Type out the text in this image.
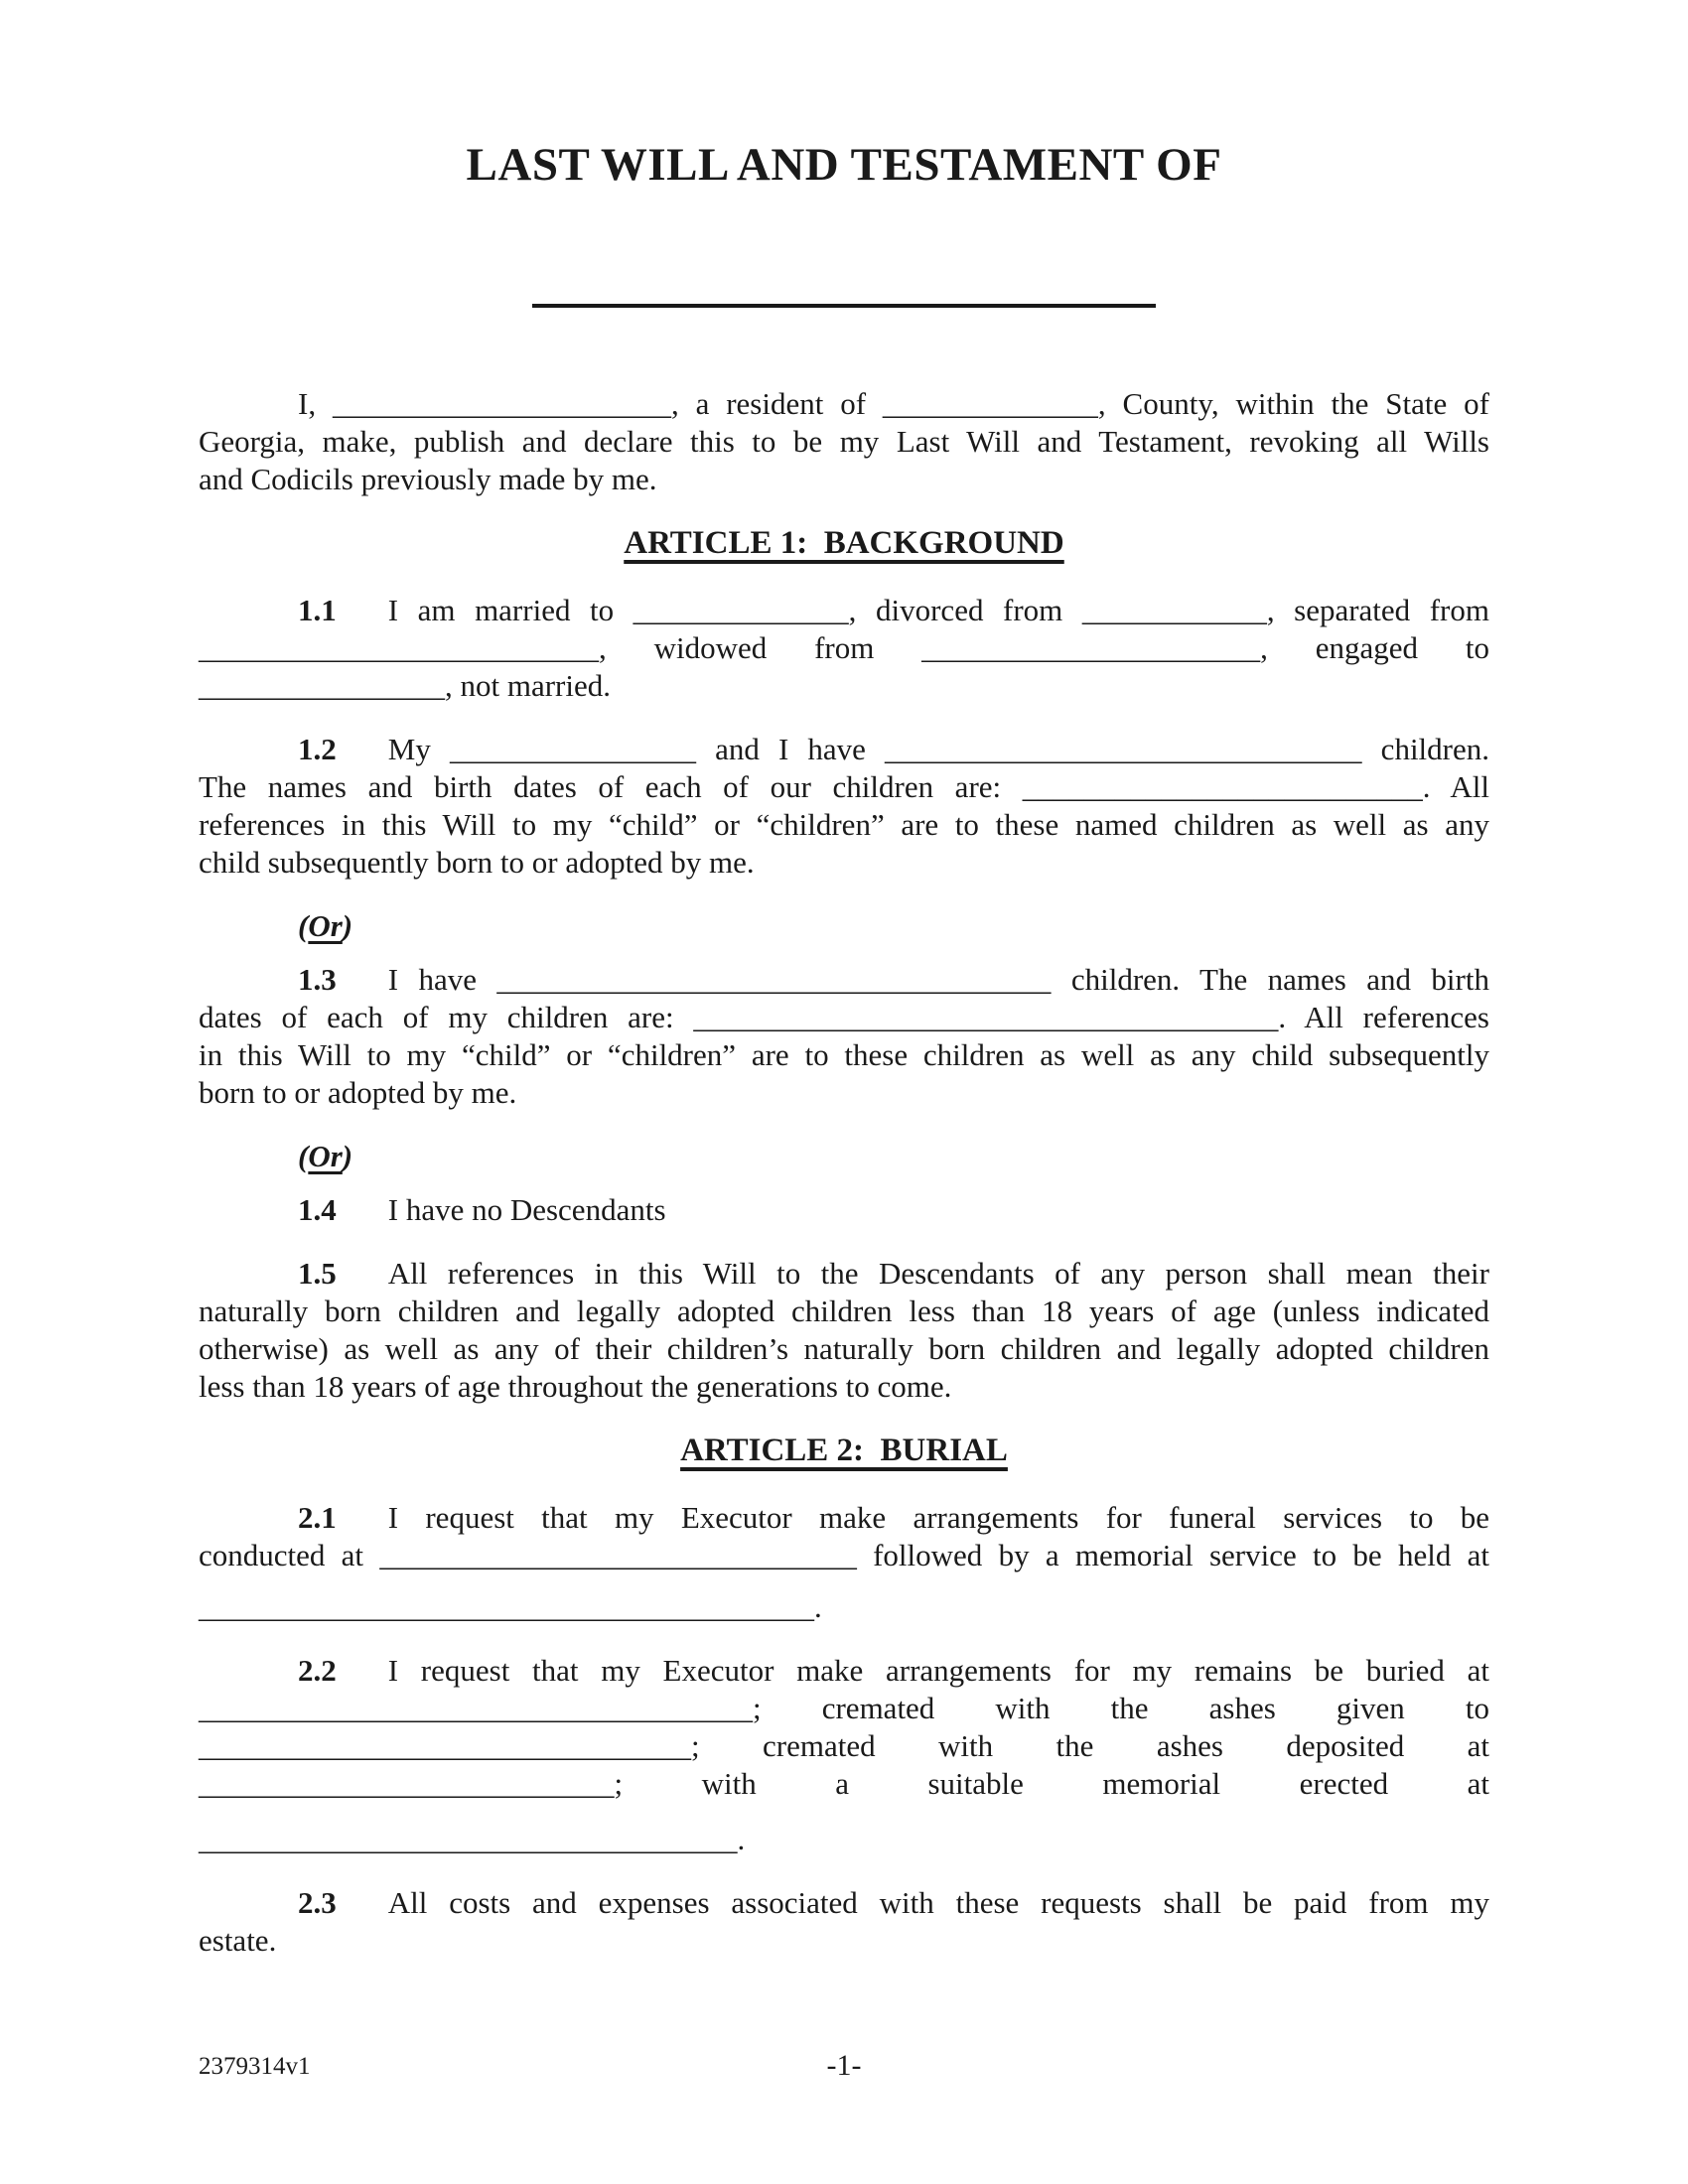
LAST WILL AND TESTAMENT OF
I, ______________________, a resident of ______________, County, within the State of
Georgia, make, publish and declare this to be my Last Will and Testament, revoking all Wills
and Codicils previously made by me.
ARTICLE 1:  BACKGROUND
1.1 I am married to ______________, divorced from ____________, separated from
__________________________, widowed from ______________________, engaged to
________________, not married.
1.2 My ________________ and I have _______________________________ children.
The names and birth dates of each of our children are: __________________________. All
references in this Will to my “child” or “children” are to these named children as well as any
child subsequently born to or adopted by me.
(Or)
1.3 I have ____________________________________ children. The names and birth
dates of each of my children are: ______________________________________. All references
in this Will to my “child” or “children” are to these children as well as any child subsequently
born to or adopted by me.
(Or)
1.4 I have no Descendants
1.5 All references in this Will to the Descendants of any person shall mean their
naturally born children and legally adopted children less than 18 years of age (unless indicated
otherwise) as well as any of their children’s naturally born children and legally adopted children
less than 18 years of age throughout the generations to come.
ARTICLE 2:  BURIAL
2.1 I request that my Executor make arrangements for funeral services to be
conducted at _______________________________ followed by a memorial service to be held at
________________________________________.
2.2 I request that my Executor make arrangements for my remains be buried at
____________________________________; cremated with the ashes given to
________________________________; cremated with the ashes deposited at
___________________________; with a suitable memorial erected at
___________________________________.
2.3 All costs and expenses associated with these requests shall be paid from my
estate.
2379314v1	-1-
